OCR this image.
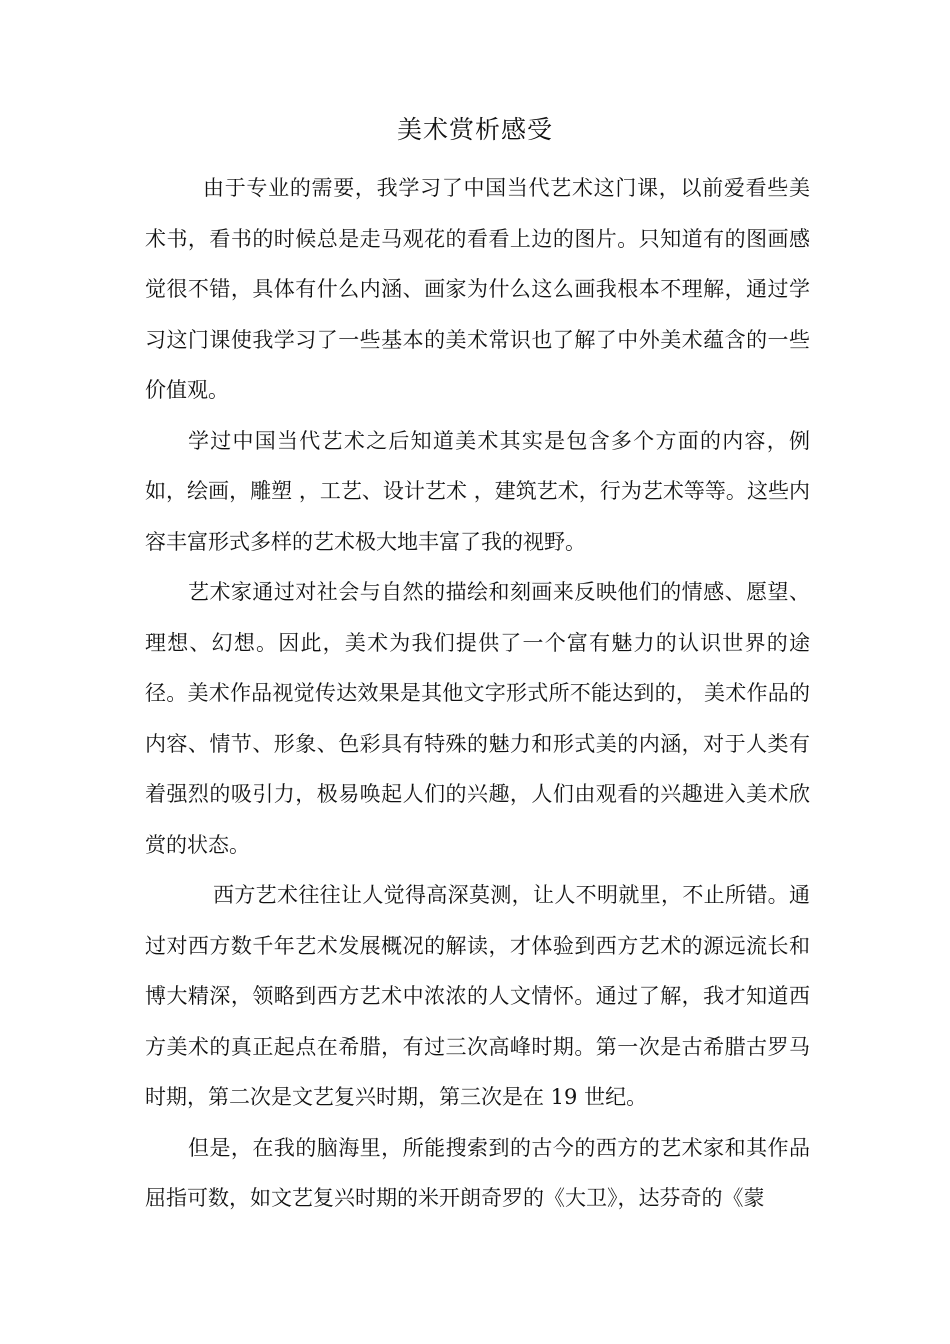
美术赏析感受

由于专业的需要，我学习了中国当代艺术这门课，以前爱看些美术书，看书的时候总是走马观花的看看上边的图片。只知道有的图画感觉很不错，具体有什么内涵、画家为什么这么画我根本不理解，通过学习这门课使我学习了一些基本的美术常识也了解了中外美术蕴含的一些价值观。

学过中国当代艺术之后知道美术其实是包含多个方面的内容，例如，绘画，雕塑 ，工艺、设计艺术 ，建筑艺术，行为艺术等等。这些内容丰富形式多样的艺术极大地丰富了我的视野。

艺术家通过对社会与自然的描绘和刻画来反映他们的情感、愿望、理想、幻想。因此，美术为我们提供了一个富有魅力的认识世界的途径。美术作品视觉传达效果是其他文字形式所不能达到的， 美术作品的内容、情节、形象、色彩具有特殊的魅力和形式美的内涵，对于人类有着强烈的吸引力，极易唤起人们的兴趣，人们由观看的兴趣进入美术欣赏的状态。

西方艺术往往让人觉得高深莫测，让人不明就里，不止所错。通过对西方数千年艺术发展概况的解读，才体验到西方艺术的源远流长和博大精深，领略到西方艺术中浓浓的人文情怀。通过了解，我才知道西方美术的真正起点在希腊，有过三次高峰时期。第一次是古希腊古罗马时期，第二次是文艺复兴时期，第三次是在 19 世纪。

但是，在我的脑海里，所能搜索到的古今的西方的艺术家和其作品屈指可数，如文艺复兴时期的米开朗奇罗的《大卫》，达芬奇的《蒙
